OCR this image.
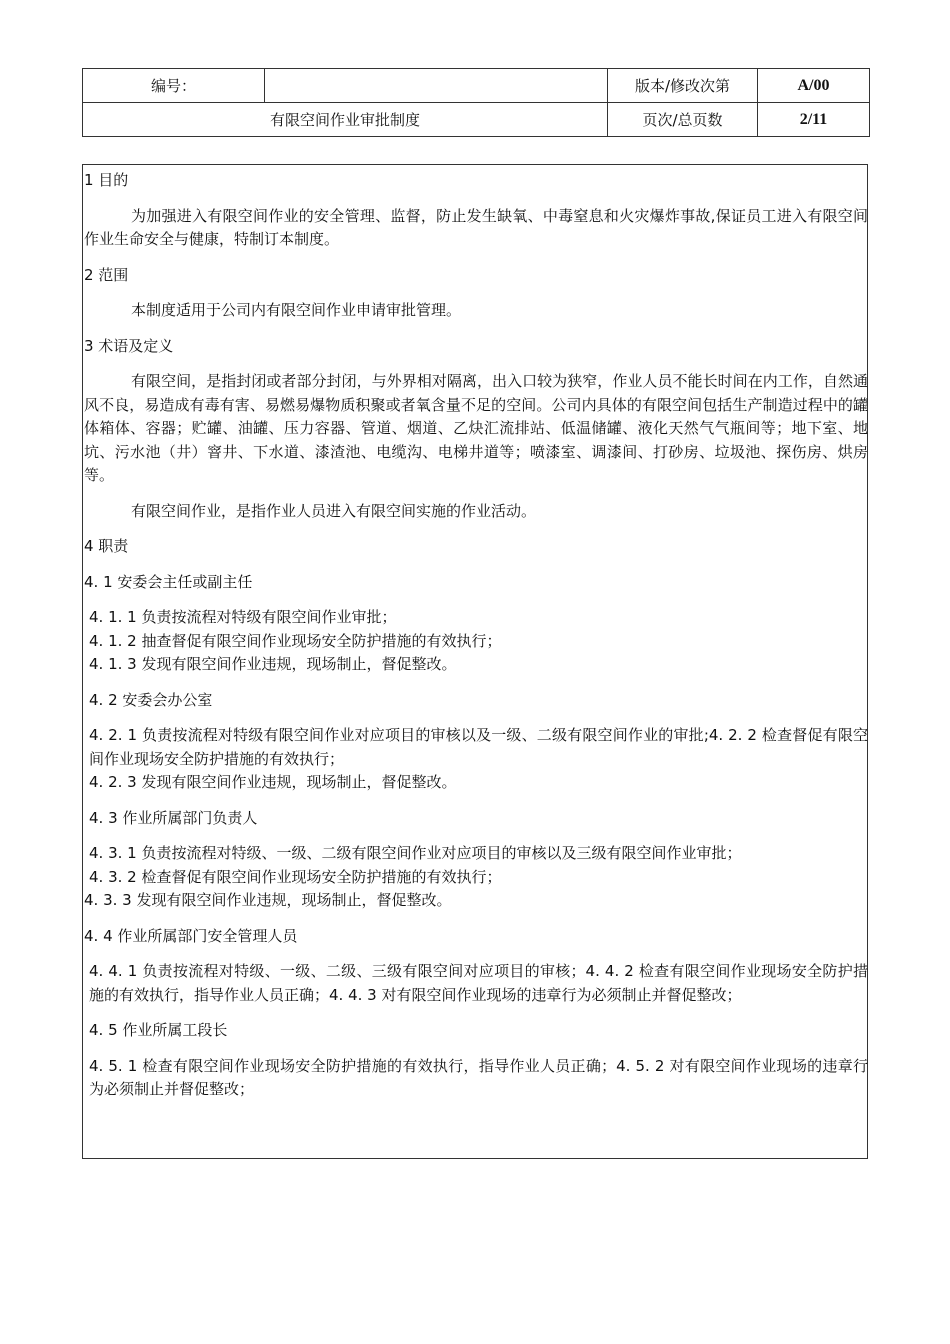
编号：		版本/修改次第	A/00
有限空间作业审批制度		页次/总页数	2/11

1 目的

为加强进入有限空间作业的安全管理、监督，防止发生缺氧、中毒窒息和火灾爆炸事故,保证员工进入有限空间作业生命安全与健康，特制订本制度。

2 范围

本制度适用于公司内有限空间作业申请审批管理。

3 术语及定义

有限空间，是指封闭或者部分封闭，与外界相对隔离，出入口较为狭窄，作业人员不能长时间在内工作，自然通风不良，易造成有毒有害、易燃易爆物质积聚或者氧含量不足的空间。公司内具体的有限空间包括生产制造过程中的罐体箱体、容器；贮罐、油罐、压力容器、管道、烟道、乙炔汇流排站、低温储罐、液化天然气气瓶间等；地下室、地坑、污水池（井）窨井、下水道、漆渣池、电缆沟、电梯井道等；喷漆室、调漆间、打砂房、垃圾池、探伤房、烘房等。

有限空间作业，是指作业人员进入有限空间实施的作业活动。

4 职责

4. 1 安委会主任或副主任

4. 1. 1 负责按流程对特级有限空间作业审批；

4. 1. 2 抽查督促有限空间作业现场安全防护措施的有效执行；

4. 1. 3 发现有限空间作业违规，现场制止，督促整改。

4. 2 安委会办公室

4. 2. 1 负责按流程对特级有限空间作业对应项目的审核以及一级、二级有限空间作业的审批;4. 2. 2 检查督促有限空间作业现场安全防护措施的有效执行；

4. 2. 3 发现有限空间作业违规，现场制止，督促整改。

4. 3 作业所属部门负责人

4. 3. 1 负责按流程对特级、一级、二级有限空间作业对应项目的审核以及三级有限空间作业审批；

4. 3. 2 检查督促有限空间作业现场安全防护措施的有效执行；

4. 3. 3 发现有限空间作业违规，现场制止，督促整改。

4. 4 作业所属部门安全管理人员

4. 4. 1 负责按流程对特级、一级、二级、三级有限空间对应项目的审核；4. 4. 2 检查有限空间作业现场安全防护措施的有效执行，指导作业人员正确；4. 4. 3 对有限空间作业现场的违章行为必须制止并督促整改；

4. 5 作业所属工段长

4. 5. 1 检查有限空间作业现场安全防护措施的有效执行，指导作业人员正确；4. 5. 2 对有限空间作业现场的违章行为必须制止并督促整改；
